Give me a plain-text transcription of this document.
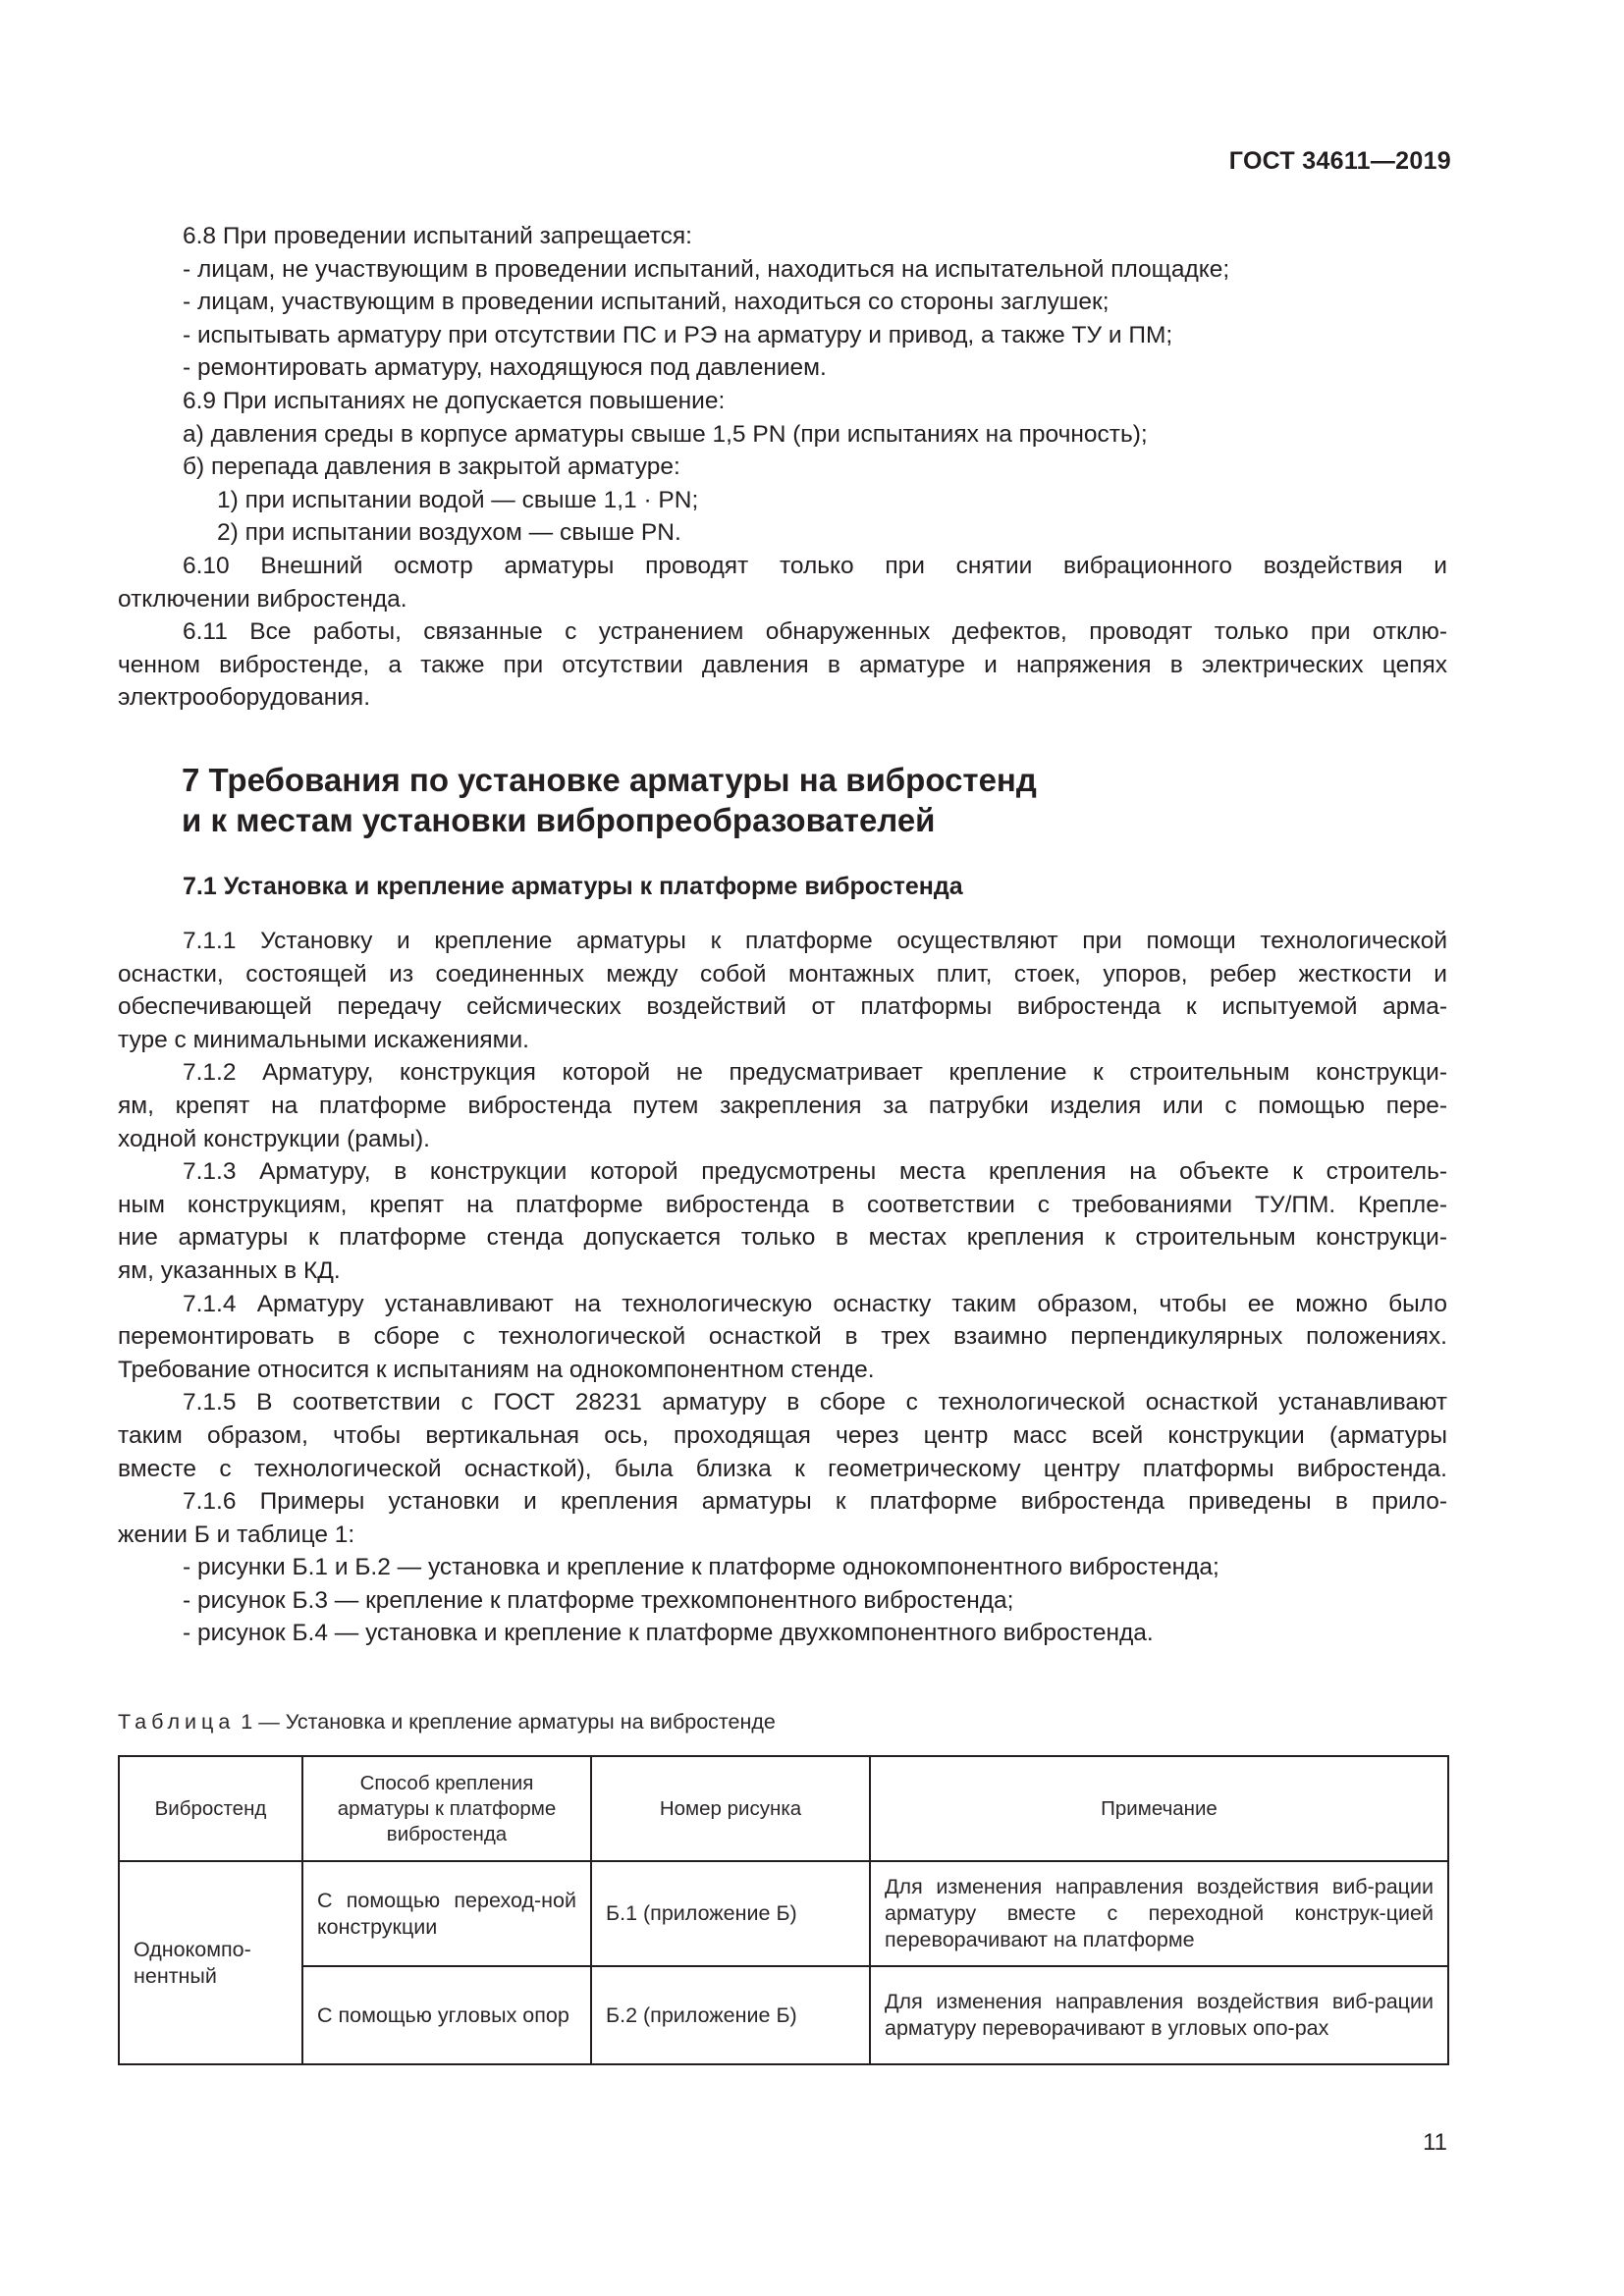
ГОСТ 34611—2019
6.8 При проведении испытаний запрещается:
- лицам, не участвующим в проведении испытаний, находиться на испытательной площадке;
- лицам, участвующим в проведении испытаний, находиться со стороны заглушек;
- испытывать арматуру при отсутствии ПС и РЭ на арматуру и привод, а также ТУ и ПМ;
- ремонтировать арматуру, находящуюся под давлением.
6.9 При испытаниях не допускается повышение:
а) давления среды в корпусе арматуры свыше 1,5 PN (при испытаниях на прочность);
б) перепада давления в закрытой арматуре:
1) при испытании водой — свыше 1,1 · PN;
2) при испытании воздухом — свыше PN.
6.10 Внешний осмотр арматуры проводят только при снятии вибрационного воздействия и
отключении вибростенда.
6.11 Все работы, связанные с устранением обнаруженных дефектов, проводят только при отклю-
ченном вибростенде, а также при отсутствии давления в арматуре и напряжения в электрических цепях
электрооборудования.
7 Требования по установке арматуры на вибростенд
и к местам установки вибропреобразователей
7.1 Установка и крепление арматуры к платформе вибростенда
7.1.1 Установку и крепление арматуры к платформе осуществляют при помощи технологической
оснастки, состоящей из соединенных между собой монтажных плит, стоек, упоров, ребер жесткости и
обеспечивающей передачу сейсмических воздействий от платформы вибростенда к испытуемой арма-
туре с минимальными искажениями.
7.1.2 Арматуру, конструкция которой не предусматривает крепление к строительным конструкци-
ям, крепят на платформе вибростенда путем закрепления за патрубки изделия или с помощью пере-
ходной конструкции (рамы).
7.1.3 Арматуру, в конструкции которой предусмотрены места крепления на объекте к строитель-
ным конструкциям, крепят на платформе вибростенда в соответствии с требованиями ТУ/ПМ. Крепле-
ние арматуры к платформе стенда допускается только в местах крепления к строительным конструкци-
ям, указанных в КД.
7.1.4 Арматуру устанавливают на технологическую оснастку таким образом, чтобы ее можно было
перемонтировать в сборе с технологической оснасткой в трех взаимно перпендикулярных положениях.
Требование относится к испытаниям на однокомпонентном стенде.
7.1.5 В соответствии с ГОСТ 28231 арматуру в сборе с технологической оснасткой устанавливают
таким образом, чтобы вертикальная ось, проходящая через центр масс всей конструкции (арматуры
вместе с технологической оснасткой), была близка к геометрическому центру платформы вибростенда.
7.1.6 Примеры установки и крепления арматуры к платформе вибростенда приведены в прило-
жении Б и таблице 1:
- рисунки Б.1 и Б.2 — установка и крепление к платформе однокомпонентного вибростенда;
- рисунок Б.3 — крепление к платформе трехкомпонентного вибростенда;
- рисунок Б.4 — установка и крепление к платформе двухкомпонентного вибростенда.
Таблица 1 — Установка и крепление арматуры на вибростенде
Вибростенд	Способ крепления арматуры к платформе вибростенда	Номер рисунка	Примечание
Однокомпо-нентный	С помощью переход-ной конструкции	Б.1 (приложение Б)	Для изменения направления воздействия виб-рации арматуру вместе с переходной конструк-цией переворачивают на платформе
	С помощью угловых опор	Б.2 (приложение Б)	Для изменения направления воздействия виб-рации арматуру переворачивают в угловых опо-рах
11
